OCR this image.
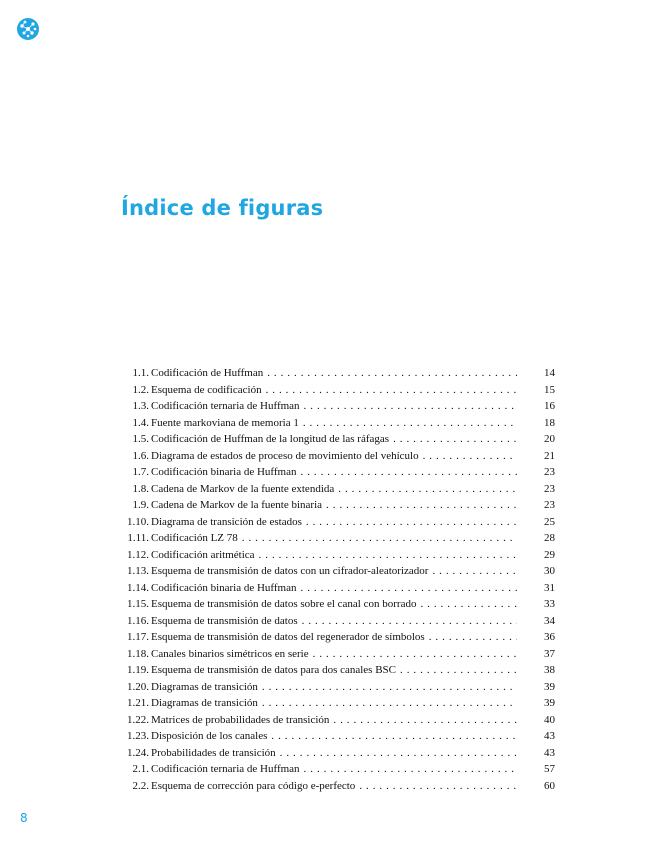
Índice de figuras
1.1. Codificación de Huffman . . .	14
1.2. Esquema de codificación . . .	15
1.3. Codificación ternaria de Huffman . . .	16
1.4. Fuente markoviana de memoria 1 . . .	18
1.5. Codificación de Huffman de la longitud de las ráfagas . . .	20
1.6. Diagrama de estados de proceso de movimiento del vehículo . . .	21
1.7. Codificación binaria de Huffman . . .	23
1.8. Cadena de Markov de la fuente extendida . . .	23
1.9. Cadena de Markov de la fuente binaria . . .	23
1.10. Diagrama de transición de estados . . .	25
1.11. Codificación LZ 78 . . .	28
1.12. Codificación aritmética . . .	29
1.13. Esquema de transmisión de datos con un cifrador-aleatorizador . . .	30
1.14. Codificación binaria de Huffman . . .	31
1.15. Esquema de transmisión de datos sobre el canal con borrado . . .	33
1.16. Esquema de transmisión de datos . . .	34
1.17. Esquema de transmisión de datos del regenerador de símbolos . . .	36
1.18. Canales binarios simétricos en serie . . .	37
1.19. Esquema de transmisión de datos para dos canales BSC . . .	38
1.20. Diagramas de transición . . .	39
1.21. Diagramas de transición . . .	39
1.22. Matrices de probabilidades de transición . . .	40
1.23. Disposición de los canales . . .	43
1.24. Probabilidades de transición . . .	43
2.1. Codificación ternaria de Huffman . . .	57
2.2. Esquema de corrección para código e-perfecto . . .	60
8
